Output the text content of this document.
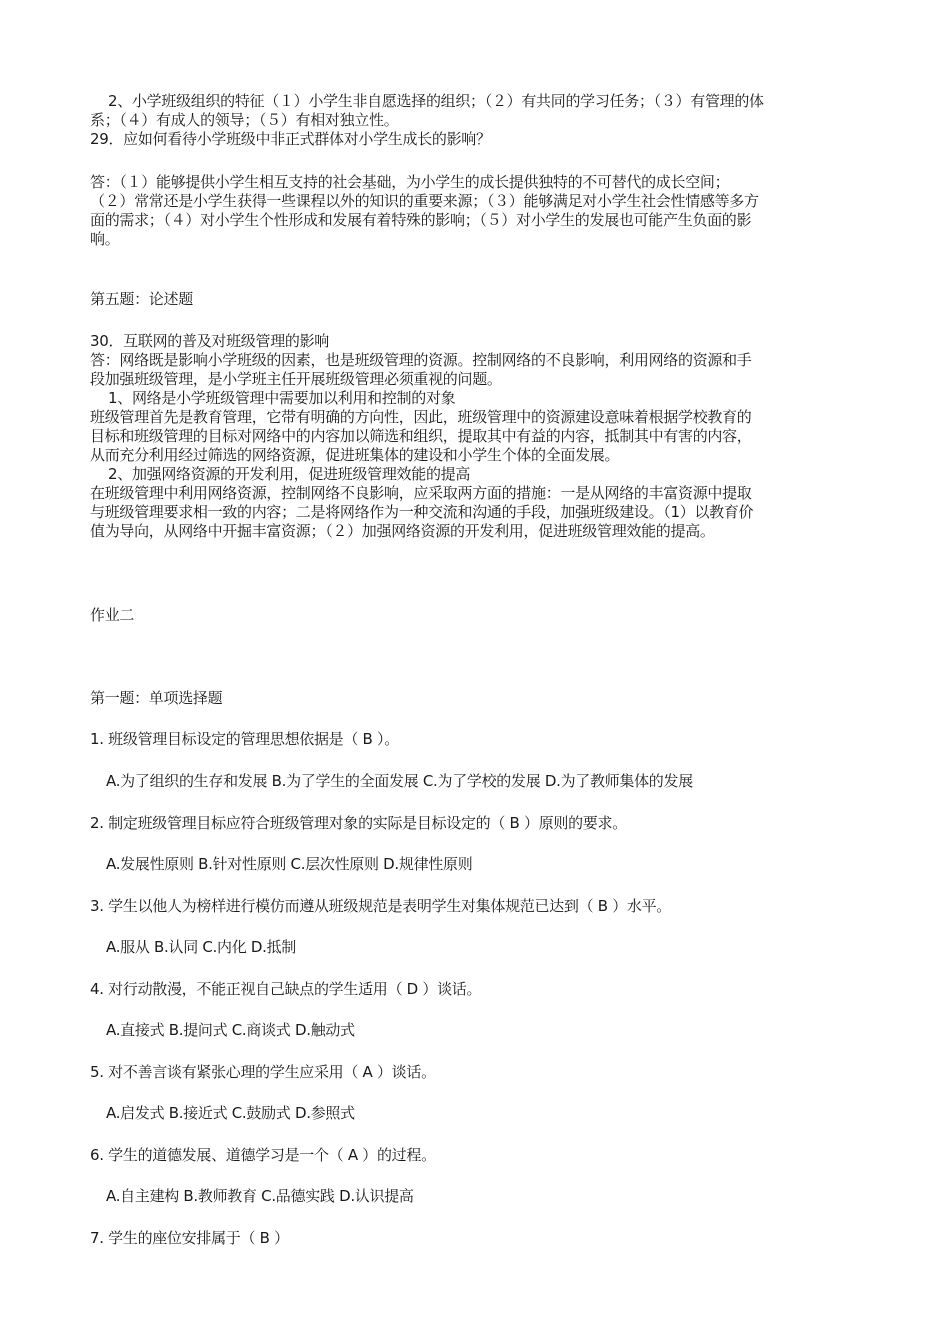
2、小学班级组织的特征（１）小学生非自愿选择的组织；（２）有共同的学习任务；（３）有管理的体
系；（４）有成人的领导；（５）有相对独立性。
29．应如何看待小学班级中非正式群体对小学生成长的影响？
答：（１）能够提供小学生相互支持的社会基础，为小学生的成长提供独特的不可替代的成长空间；
（２）常常还是小学生获得一些课程以外的知识的重要来源；（３）能够满足对小学生社会性情感等多方
面的需求；（４）对小学生个性形成和发展有着特殊的影响；（５）对小学生的发展也可能产生负面的影
响。
第五题：论述题
30．互联网的普及对班级管理的影响
答：网络既是影响小学班级的因素，也是班级管理的资源。控制网络的不良影响，利用网络的资源和手
段加强班级管理，是小学班主任开展班级管理必须重视的问题。
1、网络是小学班级管理中需要加以利用和控制的对象
班级管理首先是教育管理，它带有明确的方向性，因此，班级管理中的资源建设意味着根据学校教育的
目标和班级管理的目标对网络中的内容加以筛选和组织，提取其中有益的内容，抵制其中有害的内容，
从而充分利用经过筛选的网络资源，促进班集体的建设和小学生个体的全面发展。
2、加强网络资源的开发利用，促进班级管理效能的提高
在班级管理中利用网络资源，控制网络不良影响，应采取两方面的措施：一是从网络的丰富资源中提取
与班级管理要求相一致的内容；二是将网络作为一种交流和沟通的手段，加强班级建设。（1）以教育价
值为导向，从网络中开掘丰富资源；（２）加强网络资源的开发利用，促进班级管理效能的提高。
作业二
第一题：单项选择题
1. 班级管理目标设定的管理思想依据是（ B ）。
A.为了组织的生存和发展 B.为了学生的全面发展 C.为了学校的发展 D.为了教师集体的发展
2. 制定班级管理目标应符合班级管理对象的实际是目标设定的（ B ）原则的要求。
A.发展性原则 B.针对性原则 C.层次性原则 D.规律性原则
3. 学生以他人为榜样进行模仿而遵从班级规范是表明学生对集体规范已达到（ B ）水平。
A.服从 B.认同 C.内化 D.抵制
4. 对行动散漫，不能正视自己缺点的学生适用（ D ）谈话。
A.直接式 B.提问式 C.商谈式 D.触动式
5. 对不善言谈有紧张心理的学生应采用（ A ）谈话。
A.启发式 B.接近式 C.鼓励式 D.参照式
6. 学生的道德发展、道德学习是一个（ A ）的过程。
A.自主建构 B.教师教育 C.品德实践 D.认识提高
7. 学生的座位安排属于（ B ）
